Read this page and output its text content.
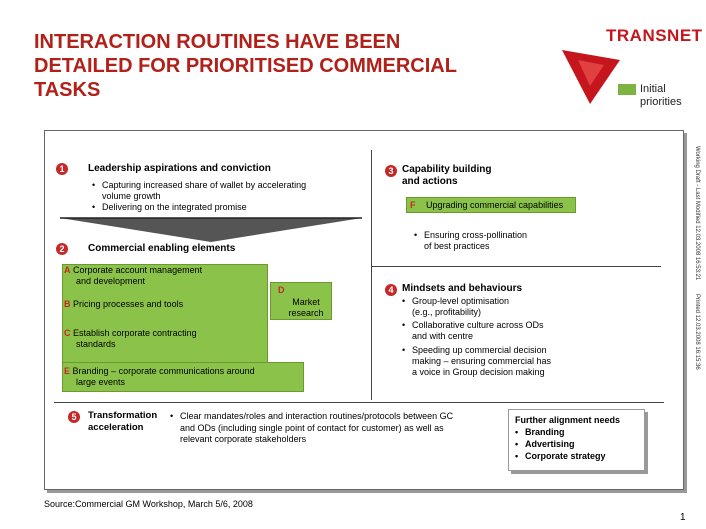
INTERACTION ROUTINES HAVE BEEN
DETAILED FOR PRIORITISED COMMERCIAL
TASKS
TRANSNET
Initial
priorities
1	Leadership aspirations and conviction
• Capturing increased share of wallet by accelerating
volume growth
• Delivering on the integrated promise
2	Commercial enabling elements
A Corporate account management
and development
B Pricing processes and tools
C Establish corporate contracting
standards
D
Market
research
E Branding – corporate communications around
large events
3 Capability building
and actions
F Upgrading commercial capabilities
• Ensuring cross-pollination
of best practices
4 Mindsets and behaviours
• Group-level optimisation
(e.g., profitability)
• Collaborative culture across ODs
and with centre
• Speeding up commercial decision
making – ensuring commercial has
a voice in Group decision making
5	Transformation
acceleration
• Clear mandates/roles and interaction routines/protocols between GC
and ODs (including single point of contact for customer) as well as
relevant corporate stakeholders
Further alignment needs
• Branding
• Advertising
• Corporate strategy
Working Draft - Last Modified 12.03.2008 16:53:21
Printed 12.03.2008 16:15:36
Source:Commercial GM Workshop, March 5/6, 2008
1
